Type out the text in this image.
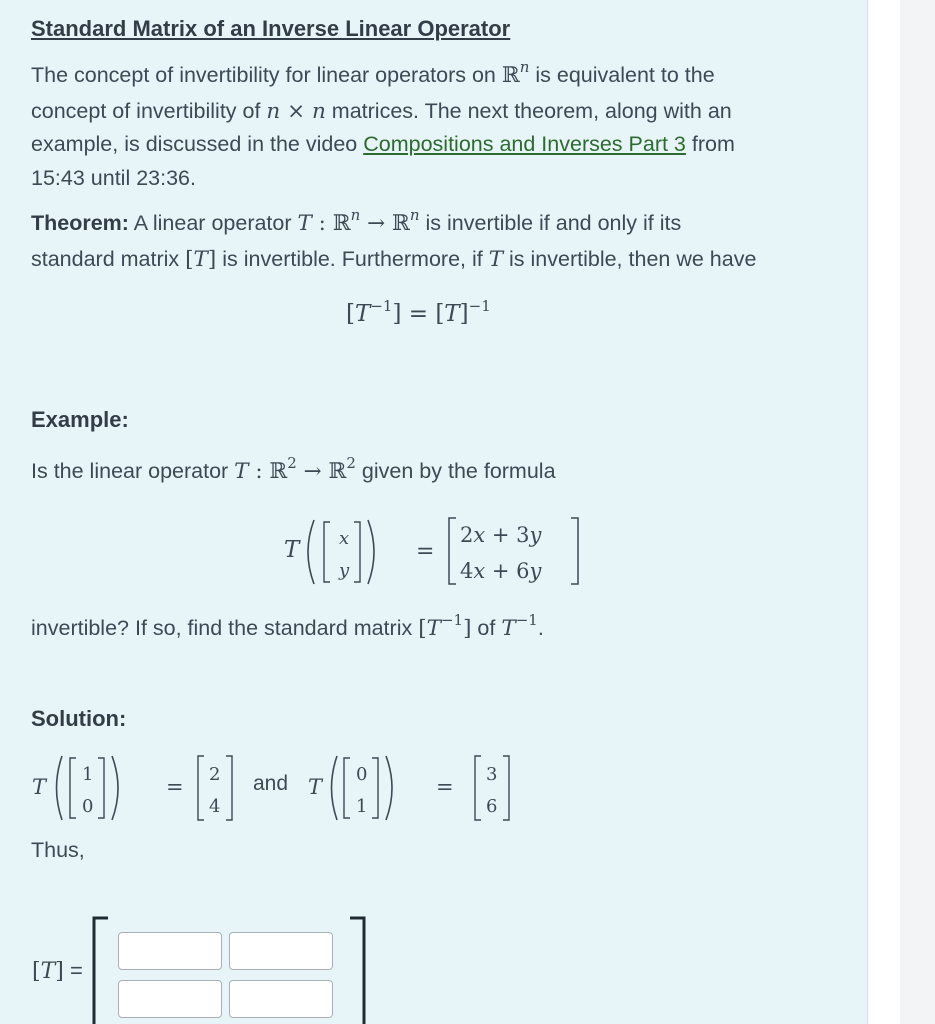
Standard Matrix of an Inverse Linear Operator
The concept of invertibility for linear operators on ℝ$^n$ is equivalent to the
concept of invertibility of n × n matrices. The next theorem, along with an
example, is discussed in the video Compositions and Inverses Part 3 from
15:43 until 23:36.
Theorem: A linear operator T : ℝ$^n$ → ℝ$^n$ is invertible if and only if its
standard matrix [T] is invertible. Furthermore, if T is invertible, then we have
$[T^{-1}] = [T]^{-1}$
Example:
Is the linear operator T : ℝ$^2$ → ℝ$^2$ given by the formula
T x
y
=
2x + 3y
4x + 6y
invertible? If so, find the standard matrix $[T^{-1}]$ of $T^{-1}$.
Solution:
T
1
0
=
2
4
T
0
1
=
3
6
and
Thus,
[T] =
